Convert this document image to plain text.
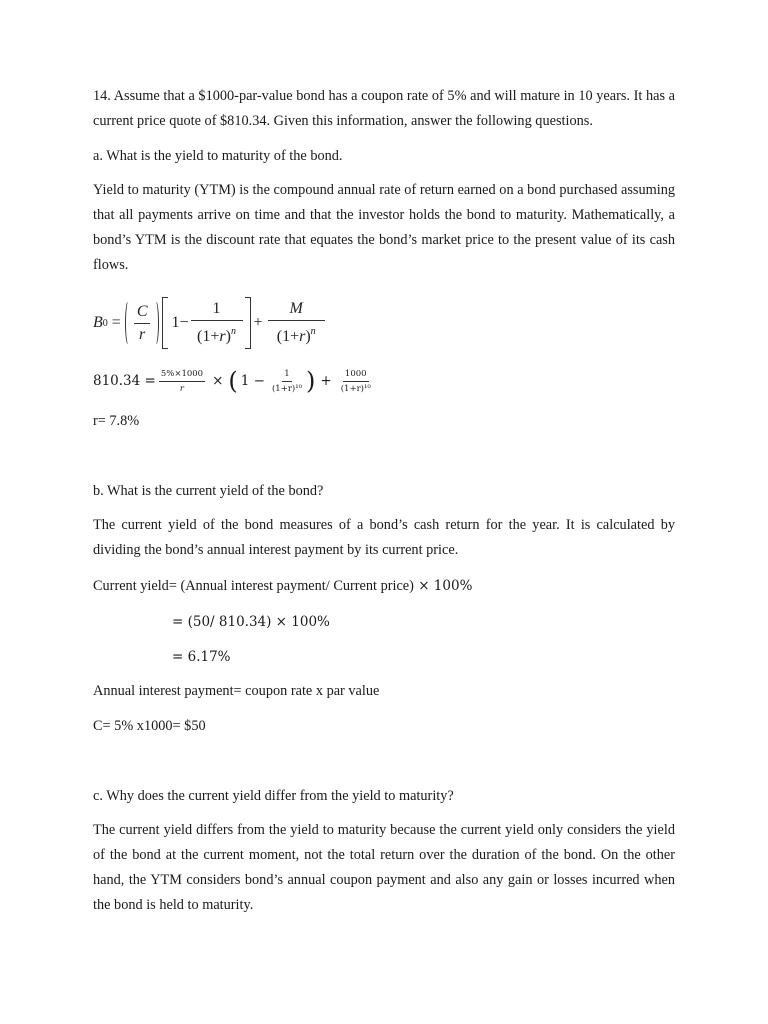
14. Assume that a $1000-par-value bond has a coupon rate of 5% and will mature in 10 years. It has a current price quote of $810.34. Given this information, answer the following questions.

a. What is the yield to maturity of the bond.

Yield to maturity (YTM) is the compound annual rate of return earned on a bond purchased assuming that all payments arrive on time and that the investor holds the bond to maturity. Mathematically, a bond’s YTM is the discount rate that equates the bond’s market price to the present value of its cash flows.

B $0 = \frac{C}{r} 1 - \frac{1}{(1+r)^n} + \frac{M}{(1+r)^n}$
$810.34 = \frac{5\%\times 1000}{r}$ × ( $1 - \frac{1}{\text{(1+r)¹⁰}}$ ) + $\frac{1000}{\text{(1+r)¹⁰}}$
r= 7.8%
b. What is the current yield of the bond?

The current yield of the bond measures of a bond’s cash return for the year. It is calculated by dividing the bond’s annual interest payment by its current price.

Current yield= (Annual interest payment/ Current price) × 100%
= (50/ 810.34) × 100%
= 6.17%
Annual interest payment= coupon rate x par value
C= 5% x1000= $50
c. Why does the current yield differ from the yield to maturity?

The current yield differs from the yield to maturity because the current yield only considers the yield of the bond at the current moment, not the total return over the duration of the bond. On the other hand, the YTM considers bond’s annual coupon payment and also any gain or losses incurred when the bond is held to maturity.
